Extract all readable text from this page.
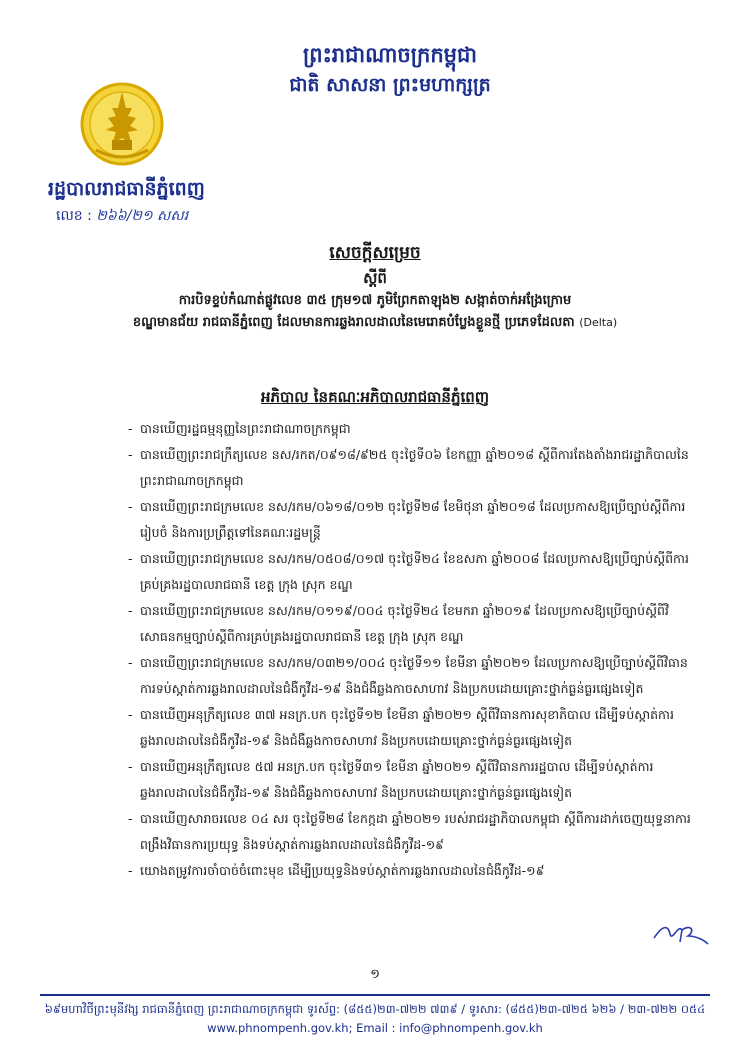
ព្រះរាជាណាចក្រកម្ពុជា
ជាតិ សាសនា ព្រះមហាក្សត្រ
រដ្ឋបាលរាជធានីភ្នំពេញ
លេខ : ២៦៦/២១ សសរ
សេចក្តីសម្រេច
ស្តីពី
ការបិទខ្ទប់កំណាត់ផ្លូវលេខ ៣៥ ក្រុម១៧ ភូមិព្រែកតាឡុង២ សង្កាត់ចាក់អង្រែក្រោម
ខណ្ឌមានជ័យ រាជធានីភ្នំពេញ ដែលមានការឆ្លងរាលដាលនៃមេរោគបំប្លែងខ្លួនថ្មី ប្រភេទដែលតា (Delta)
អភិបាល នៃគណៈអភិបាលរាជធានីភ្នំពេញ
- បានឃើញរដ្ឋធម្មនុញ្ញនៃព្រះរាជាណាចក្រកម្ពុជា
- បានឃើញព្រះរាជក្រឹត្យលេខ នស/រកត/០៩១៨/៩២៥ ចុះថ្ងៃទី០៦ ខែកញ្ញា ឆ្នាំ២០១៨ ស្តីពីការតែងតាំងរាជរដ្ឋាភិបាលនៃព្រះរាជាណាចក្រកម្ពុជា
- បានឃើញព្រះរាជក្រមលេខ នស/រកម/០៦១៨/០១២ ចុះថ្ងៃទី២៨ ខែមិថុនា ឆ្នាំ២០១៨ ដែលប្រកាសឱ្យប្រើច្បាប់ស្តីពីការរៀបចំ និងការប្រព្រឹត្តទៅនៃគណៈរដ្ឋមន្ត្រី
- បានឃើញព្រះរាជក្រមលេខ នស/រកម/០៥០៨/០១៧ ចុះថ្ងៃទី២៤ ខែឧសភា ឆ្នាំ២០០៨ ដែលប្រកាសឱ្យប្រើច្បាប់ស្តីពីការគ្រប់គ្រងរដ្ឋបាលរាជធានី ខេត្ត ក្រុង ស្រុក ខណ្ឌ
- បានឃើញព្រះរាជក្រមលេខ នស/រកម/០១១៩/០០៤ ចុះថ្ងៃទី២៤ ខែមករា ឆ្នាំ២០១៩ ដែលប្រកាសឱ្យប្រើច្បាប់ស្តីពីវិសោធនកម្មច្បាប់ស្តីពីការគ្រប់គ្រងរដ្ឋបាលរាជធានី ខេត្ត ក្រុង ស្រុក ខណ្ឌ
- បានឃើញព្រះរាជក្រមលេខ នស/រកម/០៣២១/០០៤ ចុះថ្ងៃទី១១ ខែមីនា ឆ្នាំ២០២១ ដែលប្រកាសឱ្យប្រើច្បាប់ស្តីពីវិធានការទប់ស្កាត់ការឆ្លងរាលដាលនៃជំងឺកូវីដ-១៩ និងជំងឺឆ្លងកាចសាហាវ និងប្រកបដោយគ្រោះថ្នាក់ធ្ងន់ធ្ងរផ្សេងទៀត
- បានឃើញអនុក្រឹត្យលេខ ៣៧ អនក្រ.បក ចុះថ្ងៃទី១២ ខែមីនា ឆ្នាំ២០២១ ស្តីពីវិធានការសុខាភិបាល ដើម្បីទប់ស្កាត់ការឆ្លងរាលដាលនៃជំងឺកូវីដ-១៩ និងជំងឺឆ្លងកាចសាហាវ និងប្រកបដោយគ្រោះថ្នាក់ធ្ងន់ធ្ងរផ្សេងទៀត
- បានឃើញអនុក្រឹត្យលេខ ៥៧ អនក្រ.បក ចុះថ្ងៃទី៣១ ខែមីនា ឆ្នាំ២០២១ ស្តីពីវិធានការរដ្ឋបាល ដើម្បីទប់ស្កាត់ការឆ្លងរាលដាលនៃជំងឺកូវីដ-១៩ និងជំងឺឆ្លងកាចសាហាវ និងប្រកបដោយគ្រោះថ្នាក់ធ្ងន់ធ្ងរផ្សេងទៀត
- បានឃើញសារាចរលេខ ០៤ សរ ចុះថ្ងៃទី២៨ ខែកក្កដា ឆ្នាំ២០២១ របស់រាជរដ្ឋាភិបាលកម្ពុជា ស្តីពីការដាក់ចេញយុទ្ធនាការពង្រឹងវិធានការប្រយុទ្ធ និងទប់ស្កាត់ការឆ្លងរាលដាលនៃជំងឺកូវីដ-១៩
- យោងតម្រូវការចាំបាច់ចំពោះមុខ ដើម្បីប្រយុទ្ធនិងទប់ស្កាត់ការឆ្លងរាលដាលនៃជំងឺកូវីដ-១៩
១
៦៩មហាវិថីព្រះមុនីវង្ស រាជធានីភ្នំពេញ ព្រះរាជាណាចក្រកម្ពុជា ទូរស័ព្ទ: (៨៥៥)២៣-៧២២ ៧៣៩ / ទូរសារ: (៨៥៥)២៣-៧២៥ ៦២៦ / ២៣-៧២២ ០៥៤
www.phnompenh.gov.kh; Email : info@phnompenh.gov.kh
